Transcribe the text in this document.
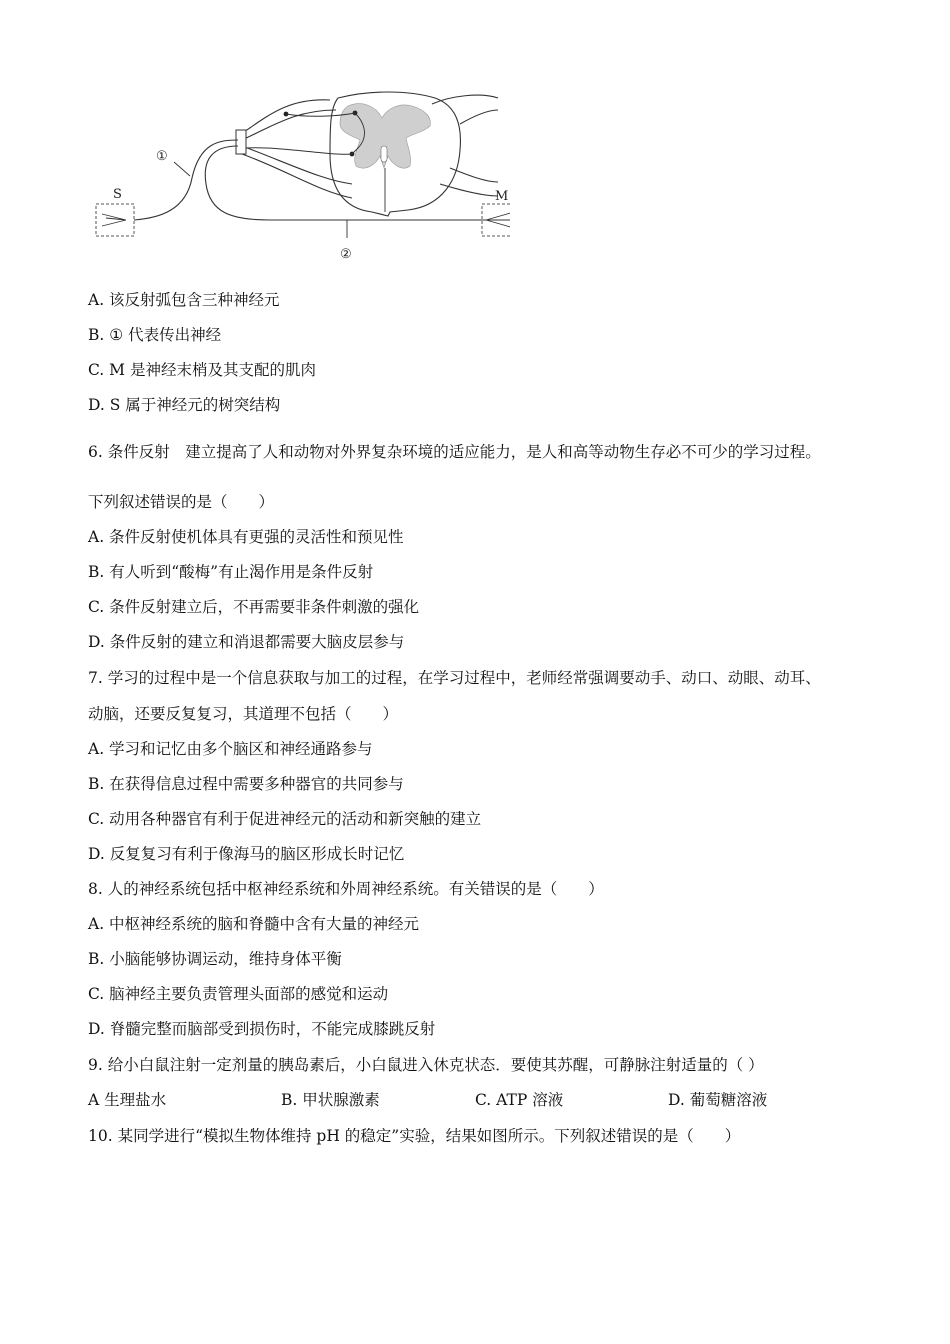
S	M
①
②
A. 该反射弧包含三种神经元
B. ① 代表传出神经
C. M 是神经末梢及其支配的肌肉
D. S 属于神经元的树突结构
6. 条件反射　建立提高了人和动物对外界复杂环境的适应能力，是人和高等动物生存必不可少的学习过程。
下列叙述错误的是（　　）
A. 条件反射使机体具有更强的灵活性和预见性
B. 有人听到“酸梅”有止渴作用是条件反射
C. 条件反射建立后，不再需要非条件刺激的强化
D. 条件反射的建立和消退都需要大脑皮层参与
7. 学习的过程中是一个信息获取与加工的过程，在学习过程中，老师经常强调要动手、动口、动眼、动耳、
动脑，还要反复复习，其道理不包括（　　）
A. 学习和记忆由多个脑区和神经通路参与
B. 在获得信息过程中需要多种器官的共同参与
C. 动用各种器官有利于促进神经元的活动和新突触的建立
D. 反复复习有利于像海马的脑区形成长时记忆
8. 人的神经系统包括中枢神经系统和外周神经系统。有关错误的是（　　）
A. 中枢神经系统的脑和脊髓中含有大量的神经元
B. 小脑能够协调运动，维持身体平衡
C. 脑神经主要负责管理头面部的感觉和运动
D. 脊髓完整而脑部受到损伤时，不能完成膝跳反射
9. 给小白鼠注射一定剂量的胰岛素后，小白鼠进入休克状态．要使其苏醒，可静脉注射适量的（ ）
A 生理盐水	B. 甲状腺激素	C. ATP 溶液	D. 葡萄糖溶液
10. 某同学进行“模拟生物体维持 pH 的稳定”实验，结果如图所示。下列叙述错误的是（　　）
